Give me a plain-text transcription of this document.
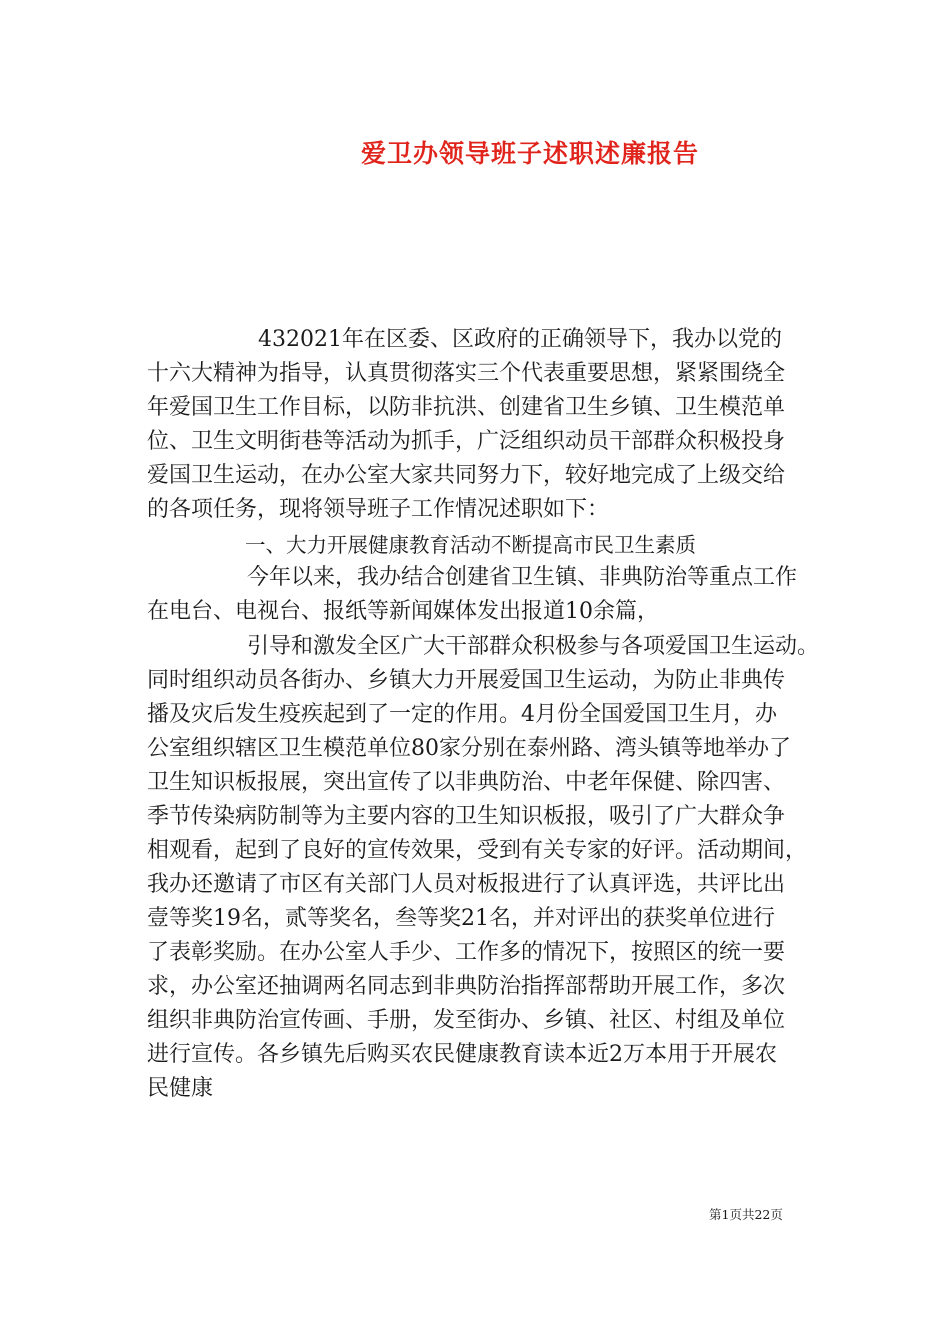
爱卫办领导班子述职述廉报告
432021年在区委、区政府的正确领导下，我办以党的
十六大精神为指导，认真贯彻落实三个代表重要思想，紧紧围绕全
年爱国卫生工作目标，以防非抗洪、创建省卫生乡镇、卫生模范单
位、卫生文明街巷等活动为抓手，广泛组织动员干部群众积极投身
爱国卫生运动，在办公室大家共同努力下，较好地完成了上级交给
的各项任务，现将领导班子工作情况述职如下：
一、大力开展健康教育活动不断提高市民卫生素质
今年以来，我办结合创建省卫生镇、非典防治等重点工作
在电台、电视台、报纸等新闻媒体发出报道10余篇，
引导和激发全区广大干部群众积极参与各项爱国卫生运动。
同时组织动员各街办、乡镇大力开展爱国卫生运动，为防止非典传
播及灾后发生疫疾起到了一定的作用。4月份全国爱国卫生月，办
公室组织辖区卫生模范单位80家分别在泰州路、湾头镇等地举办了
卫生知识板报展，突出宣传了以非典防治、中老年保健、除四害、
季节传染病防制等为主要内容的卫生知识板报，吸引了广大群众争
相观看，起到了良好的宣传效果，受到有关专家的好评。活动期间，
我办还邀请了市区有关部门人员对板报进行了认真评选，共评比出
壹等奖19名，贰等奖名，叁等奖21名，并对评出的获奖单位进行
了表彰奖励。在办公室人手少、工作多的情况下，按照区的统一要
求，办公室还抽调两名同志到非典防治指挥部帮助开展工作，多次
组织非典防治宣传画、手册，发至街办、乡镇、社区、村组及单位
进行宣传。各乡镇先后购买农民健康教育读本近2万本用于开展农
民健康
第1页共22页
